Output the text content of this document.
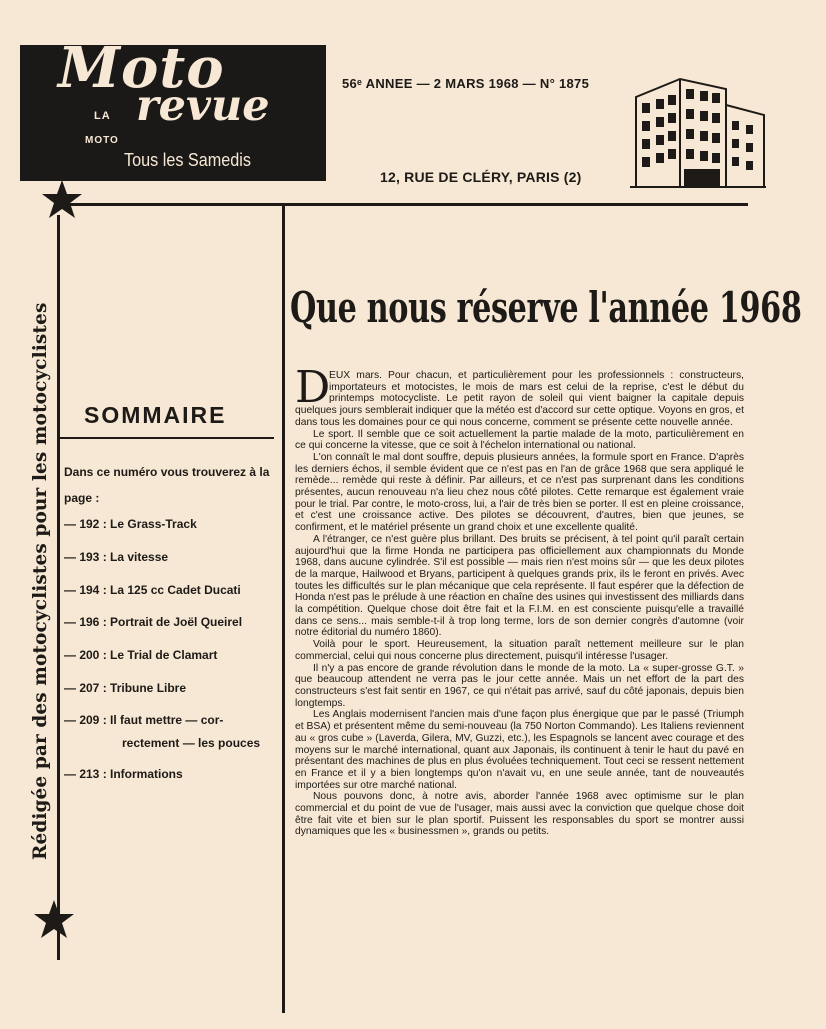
Moto
revue
LA
MOTO
Tous les Samedis
56ᵉ ANNEE — 2 MARS 1968 — N° 1875
12, RUE DE CLÉRY, PARIS (2)
Rédigée par des motocyclistes pour les motocyclistes	SOMMAIRE
Dans ce numéro vous trouverez à la page :
— 192 : Le Grass-Track
— 193 : La vitesse
— 194 : La 125 cc Cadet Ducati
— 196 : Portrait de Joël Queirel
— 200 : Le Trial de Clamart
— 207 : Tribune Libre
— 209 : Il faut mettre — cor-
rectement — les pouces
— 213 : Informations
Que nous réserve l'année 1968
D

EUX mars. Pour chacun, et particulièrement pour les professionnels : constructeurs, importateurs et motocistes, le mois de mars est celui de la reprise, c'est le début du printemps motocycliste. Le petit rayon de soleil qui vient baigner la capitale depuis quelques jours semblerait indiquer que la météo est d'accord sur cette optique. Voyons en gros, et dans tous les domaines pour ce qui nous concerne, comment se présente cette nouvelle année.

Le sport. Il semble que ce soit actuellement la partie malade de la moto, particulièrement en ce qui concerne la vitesse, que ce soit à l'échelon international ou national.

L'on connaît le mal dont souffre, depuis plusieurs années, la formule sport en France. D'après les derniers échos, il semble évident que ce n'est pas en l'an de grâce 1968 que sera appliqué le remède... remède qui reste à définir. Par ailleurs, et ce n'est pas surprenant dans les conditions présentes, aucun renouveau n'a lieu chez nous côté pilotes. Cette remarque est également vraie pour le trial. Par contre, le moto-cross, lui, a l'air de très bien se porter. Il est en pleine croissance, et c'est une croissance active. Des pilotes se découvrent, d'autres, bien que jeunes, se confirment, et le matériel présente un grand choix et une excellente qualité.

A l'étranger, ce n'est guère plus brillant. Des bruits se précisent, à tel point qu'il paraît certain aujourd'hui que la firme Honda ne participera pas officiellement aux championnats du Monde 1968, dans aucune cylindrée. S'il est possible — mais rien n'est moins sûr — que les deux pilotes de la marque, Hailwood et Bryans, participent à quelques grands prix, ils le feront en privés. Avec toutes les difficultés sur le plan mécanique que cela représente. Il faut espérer que la défection de Honda n'est pas le prélude à une réaction en chaîne des usines qui investissent des milliards dans la compétition. Quelque chose doit être fait et la F.I.M. en est consciente puisqu'elle a travaillé dans ce sens... mais semble-t-il à trop long terme, lors de son dernier congrès d'automne (voir notre éditorial du numéro 1860).

Voilà pour le sport. Heureusement, la situation paraît nettement meilleure sur le plan commercial, celui qui nous concerne plus directement, puisqu'il intéresse l'usager.

Il n'y a pas encore de grande révolution dans le monde de la moto. La « super-grosse G.T. » que beaucoup attendent ne verra pas le jour cette année. Mais un net effort de la part des constructeurs s'est fait sentir en 1967, ce qui n'était pas arrivé, sauf du côté japonais, depuis bien longtemps.

Les Anglais modernisent l'ancien mais d'une façon plus énergique que par le passé (Triumph et BSA) et présentent même du semi-nouveau (la 750 Norton Commando). Les Italiens reviennent au « gros cube » (Laverda, Gilera, MV, Guzzi, etc.), les Espagnols se lancent avec courage et des moyens sur le marché international, quant aux Japonais, ils continuent à tenir le haut du pavé en présentant des machines de plus en plus évoluées techniquement. Tout ceci se ressent nettement en France et il y a bien longtemps qu'on n'avait vu, en une seule année, tant de nouveautés importées sur otre marché national.

Nous pouvons donc, à notre avis, aborder l'année 1968 avec optimisme sur le plan commercial et du point de vue de l'usager, mais aussi avec la conviction que quelque chose doit être fait vite et bien sur le plan sportif. Puissent les responsables du sport se montrer aussi dynamiques que les « businessmen », grands ou petits.
